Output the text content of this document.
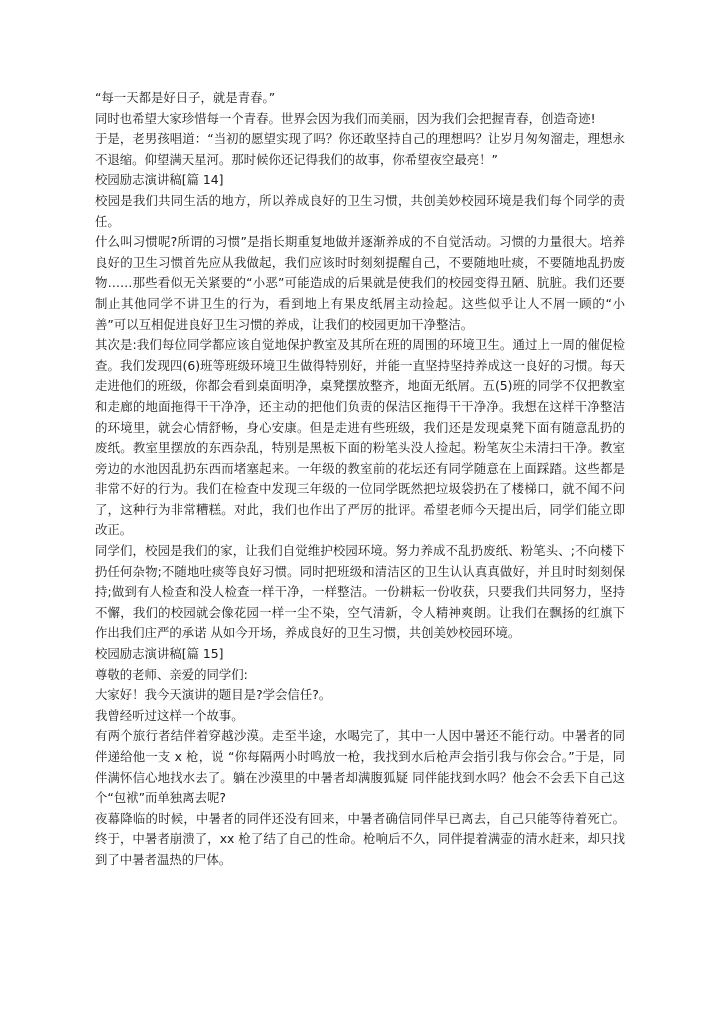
“每一天都是好日子，就是青春。”

同时也希望大家珍惜每一个青春。世界会因为我们而美丽，因为我们会把握青春，创造奇迹!

于是，老男孩唱道：“当初的愿望实现了吗？你还敢坚持自己的理想吗？让岁月匆匆溜走，理想永不退缩。仰望满天星河。那时候你还记得我们的故事，你希望夜空最亮！”

校园励志演讲稿[篇 14]

校园是我们共同生活的地方，所以养成良好的卫生习惯，共创美妙校园环境是我们每个同学的责任。

什么叫习惯呢?所谓的习惯”是指长期重复地做并逐渐养成的不自觉活动。习惯的力量很大。培养良好的卫生习惯首先应从我做起，我们应该时时刻刻提醒自己，不要随地吐痰，不要随地乱扔废物……那些看似无关紧要的“小恶”可能造成的后果就是使我们的校园变得丑陋、肮脏。我们还要制止其他同学不讲卫生的行为，看到地上有果皮纸屑主动捡起。这些似乎让人不屑一顾的“小善”可以互相促进良好卫生习惯的养成，让我们的校园更加干净整洁。

其次是:我们每位同学都应该自觉地保护教室及其所在班的周围的环境卫生。通过上一周的催促检查。我们发现四(6)班等班级环境卫生做得特别好，并能一直坚持坚持养成这一良好的习惯。每天走进他们的班级，你都会看到桌面明净，桌凳摆放整齐，地面无纸屑。五(5)班的同学不仅把教室和走廊的地面拖得干干净净，还主动的把他们负责的保洁区拖得干干净净。我想在这样干净整洁的环境里，就会心情舒畅，身心安康。但是走进有些班级，我们还是发现桌凳下面有随意乱扔的废纸。教室里摆放的东西杂乱，特别是黑板下面的粉笔头没人捡起。粉笔灰尘未清扫干净。教室旁边的水池因乱扔东西而堵塞起来。一年级的教室前的花坛还有同学随意在上面踩踏。这些都是非常不好的行为。我们在检查中发现三年级的一位同学既然把垃圾袋扔在了楼梯口，就不闻不问了，这种行为非常糟糕。对此，我们也作出了严厉的批评。希望老师今天提出后，同学们能立即改正。

同学们，校园是我们的家，让我们自觉维护校园环境。努力养成不乱扔废纸、粉笔头、;不向楼下扔任何杂物;不随地吐痰等良好习惯。同时把班级和清洁区的卫生认认真真做好，并且时时刻刻保持;做到有人检查和没人检查一样干净，一样整洁。一份耕耘一份收获，只要我们共同努力，坚持不懈，我们的校园就会像花园一样一尘不染，空气清新，令人精神爽朗。让我们在飘扬的红旗下作出我们庄严的承诺 从如今开场，养成良好的卫生习惯，共创美妙校园环境。

校园励志演讲稿[篇 15]

尊敬的老师、亲爱的同学们:

大家好！我今天演讲的题目是?学会信任?。

我曾经听过这样一个故事。

有两个旅行者结伴着穿越沙漠。走至半途，水喝完了，其中一人因中暑还不能行动。中暑者的同伴递给他一支 x 枪，说 “你每隔两小时鸣放一枪，我找到水后枪声会指引我与你会合。”于是，同伴满怀信心地找水去了。躺在沙漠里的中暑者却满腹狐疑 同伴能找到水吗？他会不会丢下自己这个“包袱”而单独离去呢?

夜幕降临的时候，中暑者的同伴还没有回来，中暑者确信同伴早已离去，自己只能等待着死亡。终于，中暑者崩溃了，xx 枪了结了自己的性命。枪响后不久，同伴提着满壶的清水赶来，却只找到了中暑者温热的尸体。
